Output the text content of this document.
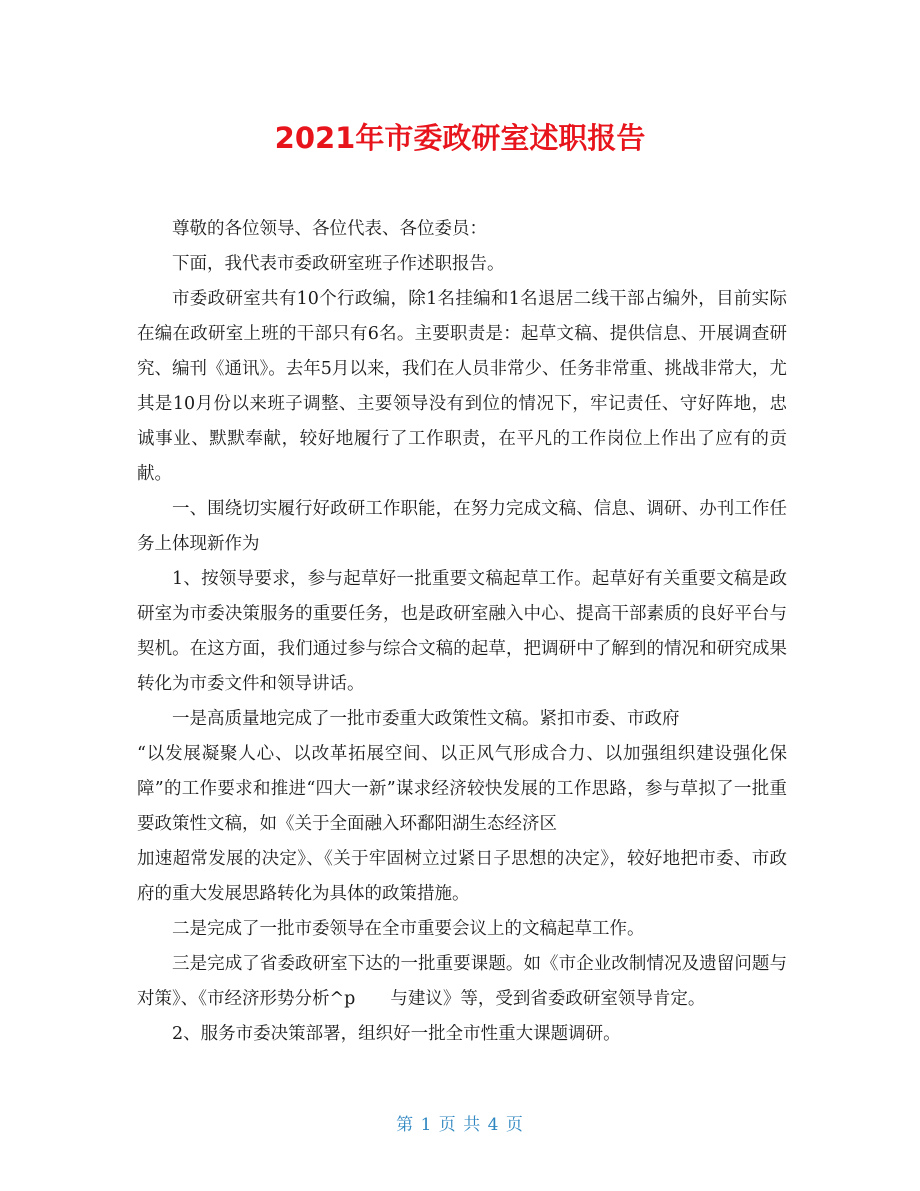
2021年市委政研室述职报告

尊敬的各位领导、各位代表、各位委员：

下面，我代表市委政研室班子作述职报告。

市委政研室共有10个行政编，除1名挂编和1名退居二线干部占编外，目前实际在编在政研室上班的干部只有6名。主要职责是：起草文稿、提供信息、开展调查研究、编刊《通讯》。去年5月以来，我们在人员非常少、任务非常重、挑战非常大，尤其是10月份以来班子调整、主要领导没有到位的情况下，牢记责任、守好阵地，忠诚事业、默默奉献，较好地履行了工作职责，在平凡的工作岗位上作出了应有的贡献。

一、围绕切实履行好政研工作职能，在努力完成文稿、信息、调研、办刊工作任务上体现新作为

1、按领导要求，参与起草好一批重要文稿起草工作。起草好有关重要文稿是政研室为市委决策服务的重要任务，也是政研室融入中心、提高干部素质的良好平台与契机。在这方面，我们通过参与综合文稿的起草，把调研中了解到的情况和研究成果转化为市委文件和领导讲话。

一是高质量地完成了一批市委重大政策性文稿。紧扣市委、市政府

“以发展凝聚人心、以改革拓展空间、以正风气形成合力、以加强组织建设强化保障”的工作要求和推进“四大一新”谋求经济较快发展的工作思路，参与草拟了一批重要政策性文稿，如《关于全面融入环鄱阳湖生态经济区

加速超常发展的决定》、《关于牢固树立过紧日子思想的决定》，较好地把市委、市政府的重大发展思路转化为具体的政策措施。

二是完成了一批市委领导在全市重要会议上的文稿起草工作。

三是完成了省委政研室下达的一批重要课题。如《市企业改制情况及遗留问题与对策》、《市经济形势分析^p　　与建议》等，受到省委政研室领导肯定。

2、服务市委决策部署，组织好一批全市性重大课题调研。

第 1 页 共 4 页
